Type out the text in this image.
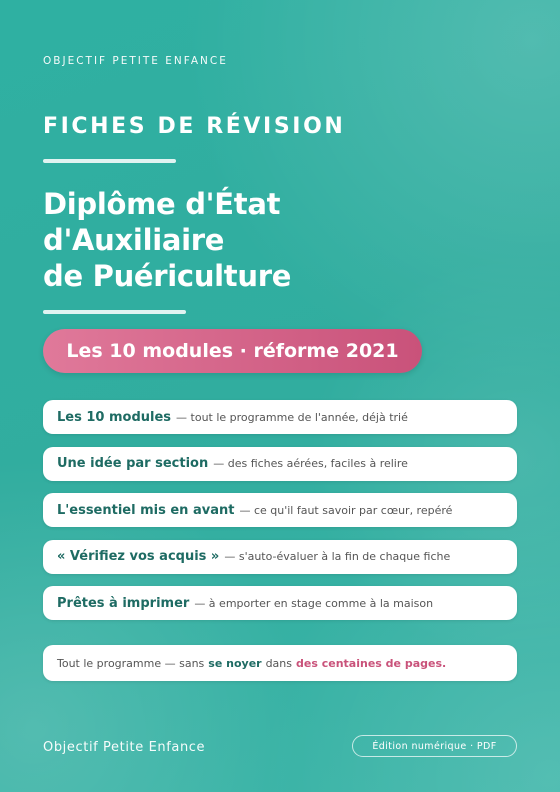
OBJECTIF PETITE ENFANCE
FICHES DE RÉVISION
Diplôme d'État
d'Auxiliaire
de Puériculture
Les 10 modules · réforme 2021
Les 10 modules — tout le programme de l'année, déjà trié
Une idée par section — des fiches aérées, faciles à relire
L'essentiel mis en avant — ce qu'il faut savoir par cœur, repéré
« Vérifiez vos acquis » — s'auto-évaluer à la fin de chaque fiche
Prêtes à imprimer — à emporter en stage comme à la maison
Tout le programme — sans se noyer dans des centaines de pages.
Objectif Petite Enfance	Édition numérique · PDF
